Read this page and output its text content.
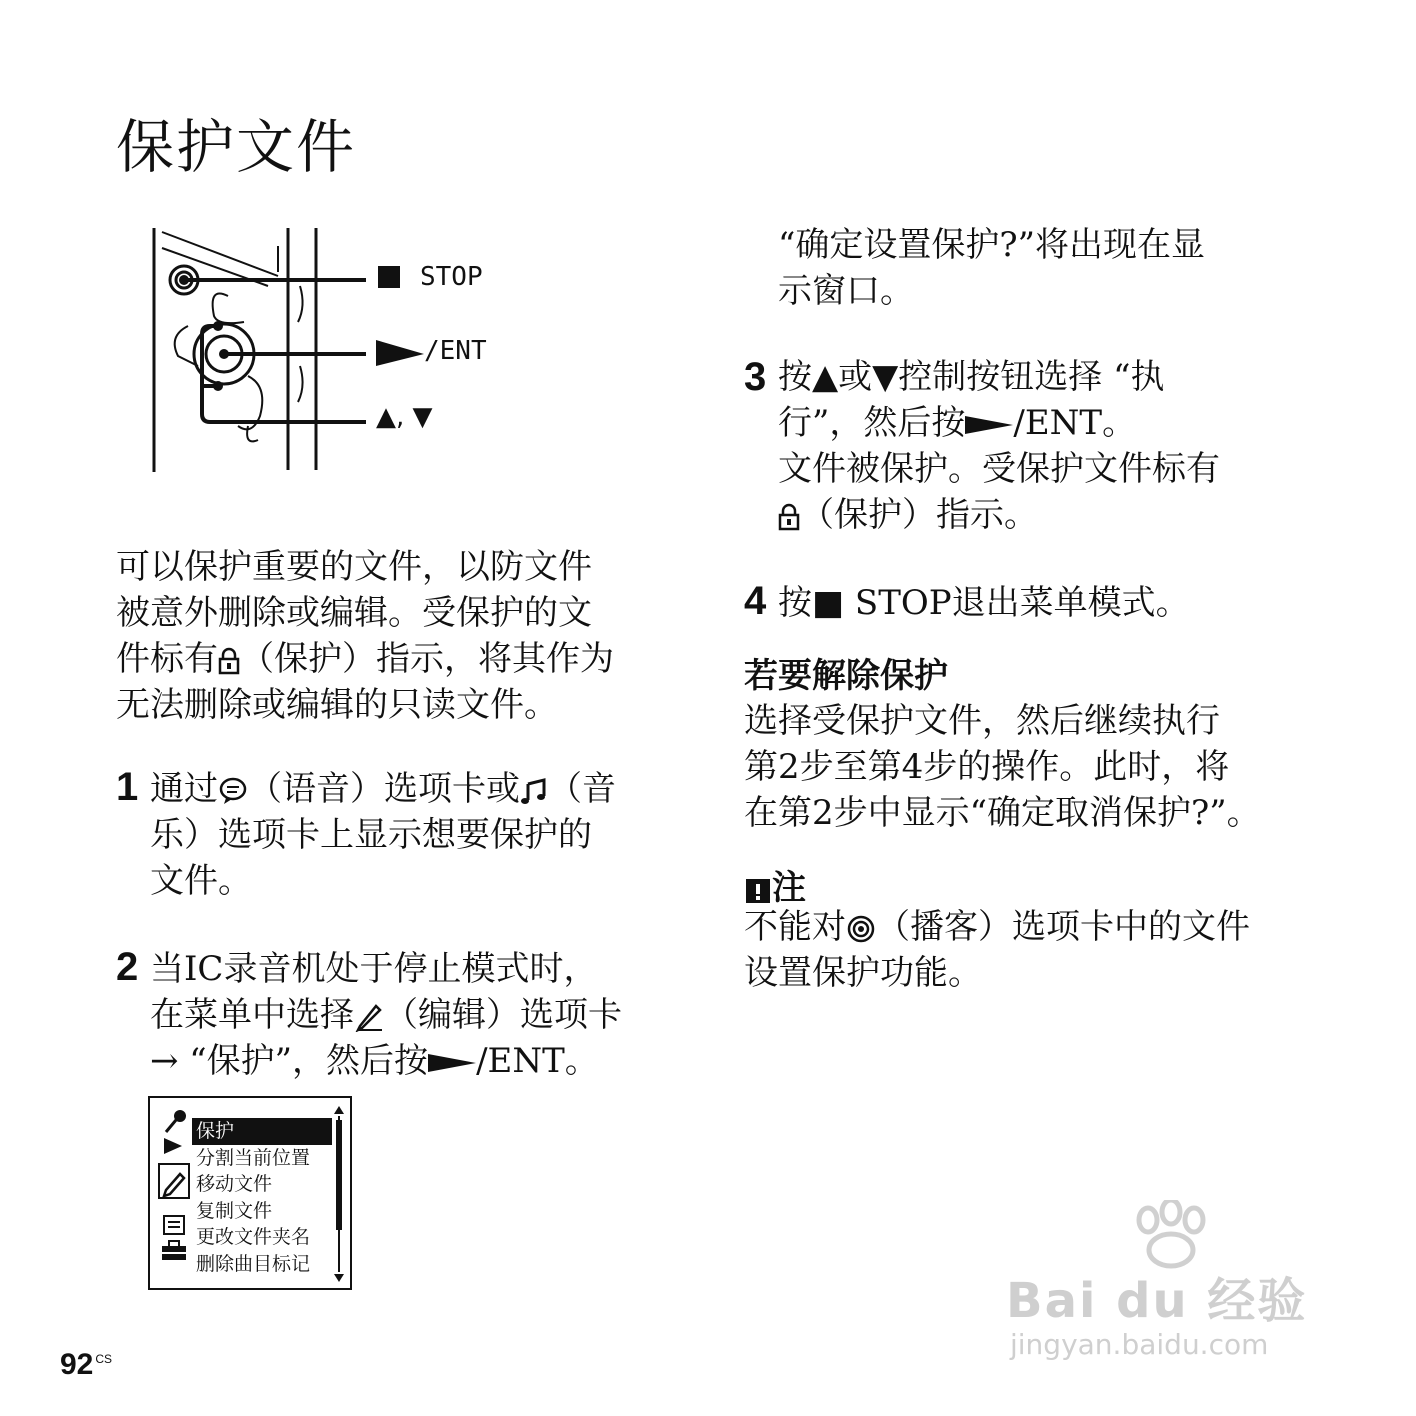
保护文件
STOP
/ENT
▲, ▼
可以保护重要的文件，以防文件
被意外删除或编辑。受保护的文
件标有 （保护）指示，将其作为
无法删除或编辑的只读文件。
1 通过 （语音）选项卡或 （音
乐）选项卡上显示想要保护的
文件。
2 当IC录音机处于停止模式时，
在菜单中选择 （编辑）选项卡
→ “保护”，然后按 /ENT。
保护
分割当前位置
移动文件
复制文件
更改文件夹名
删除曲目标记
“确定设置保护?”将出现在显
示窗口。
3 按▲或▼控制按钮选择 “执
行”，然后按 /ENT。
文件被保护。受保护文件标有
（保护）指示。
4 按■ STOP退出菜单模式。
若要解除保护
选择受保护文件，然后继续执行
第2步至第4步的操作。此时，将
在第2步中显示“确定取消保护?”。
注
不能对 （播客）选项卡中的文件
设置保护功能。
92 $^{CS}$
Bai du 经验
jingyan.baidu.com
